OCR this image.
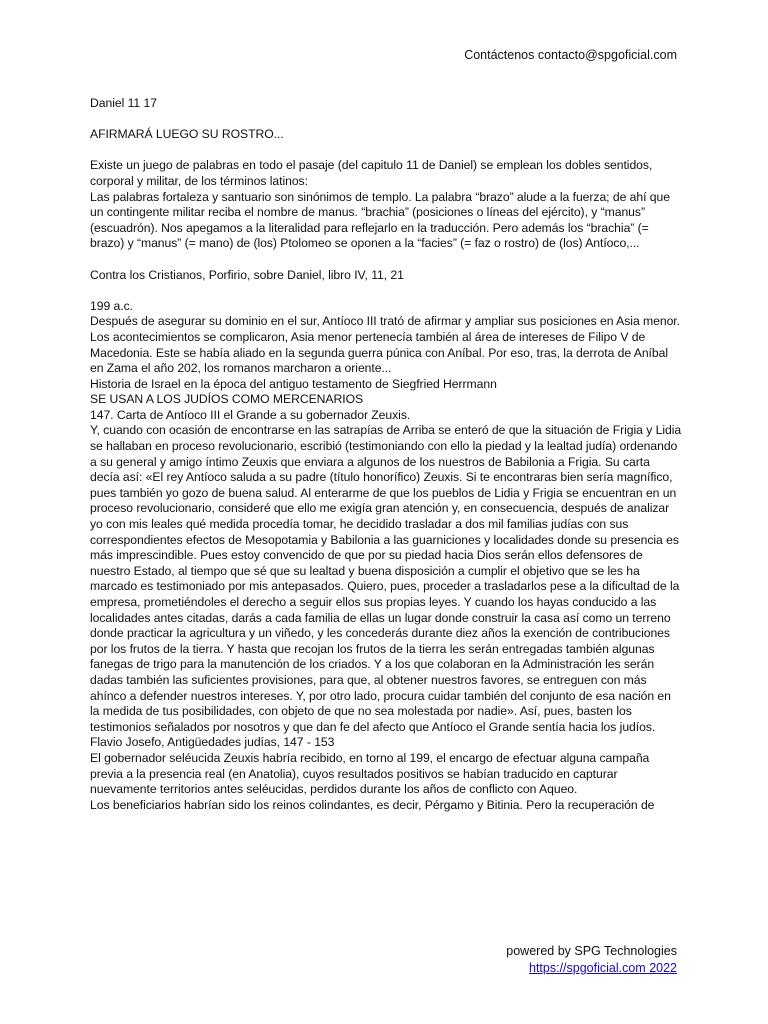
Contáctenos contacto@spgoficial.com

Daniel 11 17

AFIRMARÁ LUEGO SU ROSTRO...

Existe un juego de palabras en todo el pasaje (del capitulo 11 de Daniel) se emplean los dobles sentidos, corporal y militar, de los términos latinos:

Las palabras fortaleza y santuario son sinónimos de templo. La palabra “brazo” alude a la fuerza; de ahí que un contingente militar reciba el nombre de manus. “brachia” (posiciones o líneas del ejército), y “manus” (escuadrón). Nos apegamos a la literalidad para reflejarlo en la traducción. Pero además los “brachia” (= brazo) y “manus” (= mano) de (los) Ptolomeo se oponen a la “facies” (= faz o rostro) de (los) Antíoco,...

Contra los Cristianos, Porfirio, sobre Daniel, libro IV, 11, 21

199 a.c.

Después de asegurar su dominio en el sur, Antíoco III trató de afirmar y ampliar sus posiciones en Asia menor. Los acontecimientos se complicaron, Asia menor pertenecía también al área de intereses de Filipo V de Macedonia. Este se había aliado en la segunda guerra púnica con Aníbal. Por eso, tras, la derrota de Aníbal en Zama el año 202, los romanos marcharon a oriente...

Historia de Israel en la época del antiguo testamento de Siegfried Herrmann

SE USAN A LOS JUDÍOS COMO MERCENARIOS

147. Carta de Antíoco III el Grande a su gobernador Zeuxis.

Y, cuando con ocasión de encontrarse en las satrapías de Arriba se enteró de que la situación de Frigia y Lidia se hallaban en proceso revolucionario, escribió (testimoniando con ello la piedad y la lealtad judía) ordenando a su general y amigo íntimo Zeuxis que enviara a algunos de los nuestros de Babilonia a Frigia. Su carta decía así: «El rey Antíoco saluda a su padre (título honorífico) Zeuxis. Si te encontraras bien sería magnífico, pues también yo gozo de buena salud. Al enterarme de que los pueblos de Lidia y Frigia se encuentran en un proceso revolucionario, consideré que ello me exigía gran atención y, en consecuencia, después de analizar yo con mis leales qué medida procedía tomar, he decidido trasladar a dos mil familias judías con sus correspondientes efectos de Mesopotamia y Babilonia a las guarniciones y localidades donde su presencia es más imprescindible. Pues estoy convencido de que por su piedad hacia Dios serán ellos defensores de nuestro Estado, al tiempo que sé que su lealtad y buena disposición a cumplir el objetivo que se les ha marcado es testimoniado por mis antepasados. Quiero, pues, proceder a trasladarlos pese a la dificultad de la empresa, prometiéndoles el derecho a seguir ellos sus propias leyes. Y cuando los hayas conducido a las localidades antes citadas, darás a cada familia de ellas un lugar donde construir la casa así como un terreno donde practicar la agricultura y un viñedo, y les concederás durante diez años la exención de contribuciones por los frutos de la tierra. Y hasta que recojan los frutos de la tierra les serán entregadas también algunas fanegas de trigo para la manutención de los criados. Y a los que colaboran en la Administración les serán dadas también las suficientes provisiones, para que, al obtener nuestros favores, se entreguen con más ahínco a defender nuestros intereses. Y, por otro lado, procura cuidar también del conjunto de esa nación en la medida de tus posibilidades, con objeto de que no sea molestada por nadie». Así, pues, basten los testimonios señalados por nosotros y que dan fe del afecto que Antíoco el Grande sentía hacia los judíos.

Flavio Josefo, Antigüedades judías, 147 - 153

El gobernador seléucida Zeuxis habría recibido, en torno al 199, el encargo de efectuar alguna campaña previa a la presencia real (en Anatolia), cuyos resultados positivos se habían traducido en capturar nuevamente territorios antes seléucidas, perdidos durante los años de conflicto con Aqueo.

Los beneficiarios habrían sido los reinos colindantes, es decir, Pérgamo y Bitinia. Pero la recuperación de

powered by SPG Technologies
https://spgoficial.com 2022
